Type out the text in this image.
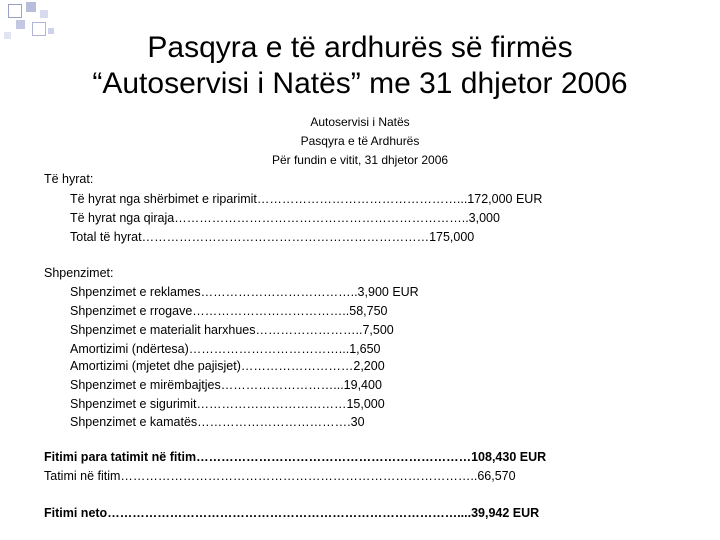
Pasqyra e të ardhurës së firmës
“Autoservisi i Natës” me 31 dhjetor 2006
Autoservisi i Natës
Pasqyra e të Ardhurës
Për fundin e vitit, 31 dhjetor 2006
Të hyrat:
Të hyrat nga shërbimet e riparimit…………………………………………...172,000 EUR
Të hyrat nga qiraja……………………………………………………………..3,000
Total të hyrat……………………………………………………………175,000
Shpenzimet:
Shpenzimet e reklames………………………………..3,900 EUR
Shpenzimet e rrogave………………………………..58,750
Shpenzimet e materialit harxhues……………………..7,500
Amortizimi (ndërtesa)………………………………...1,650
Amortizimi (mjetet dhe pajisjet)………………………2,200
Shpenzimet e mirëmbajtjes………………………...19,400
Shpenzimet e sigurimit………………………………15,000
Shpenzimet e kamatës……………………………….30
Fitimi para tatimit në fitim…………………………………………………………108,430 EUR
Tatimi në fitim…………………………………………………………………………..66,570
Fitimi neto…………………………………………………………………………....39,942 EUR
